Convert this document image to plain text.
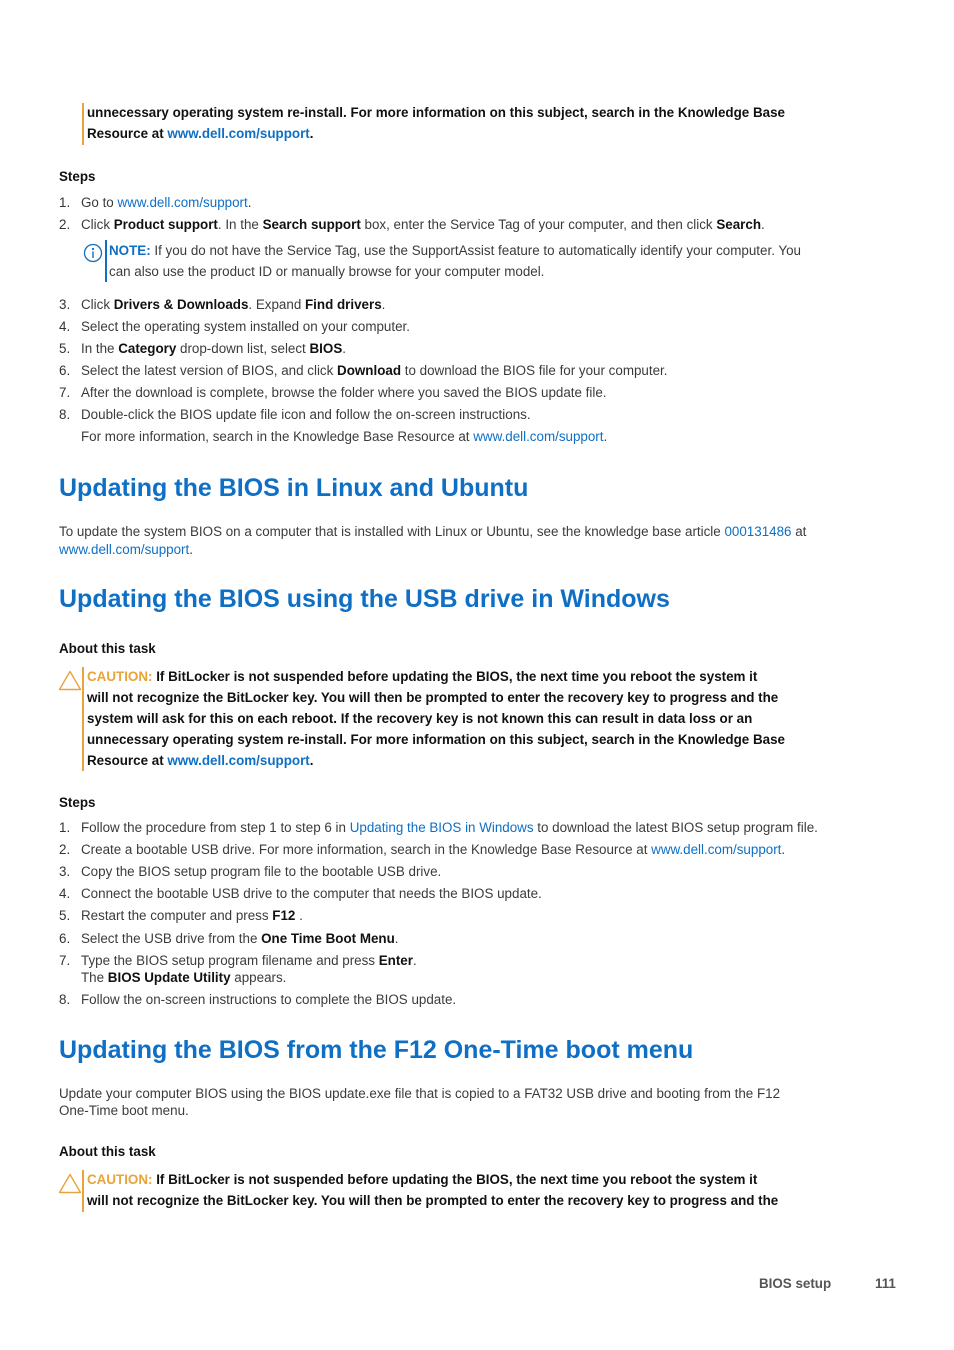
unnecessary operating system re-install. For more information on this subject, search in the Knowledge Base
Resource at www.dell.com/support.
Steps
1. Go to www.dell.com/support.
2. Click Product support. In the Search support box, enter the Service Tag of your computer, and then click Search.
NOTE: If you do not have the Service Tag, use the SupportAssist feature to automatically identify your computer. You
can also use the product ID or manually browse for your computer model.
3. Click Drivers & Downloads. Expand Find drivers.
4. Select the operating system installed on your computer.
5. In the Category drop-down list, select BIOS.
6. Select the latest version of BIOS, and click Download to download the BIOS file for your computer.
7. After the download is complete, browse the folder where you saved the BIOS update file.
8. Double-click the BIOS update file icon and follow the on-screen instructions.
For more information, search in the Knowledge Base Resource at www.dell.com/support.
Updating the BIOS in Linux and Ubuntu
To update the system BIOS on a computer that is installed with Linux or Ubuntu, see the knowledge base article 000131486 at
www.dell.com/support.
Updating the BIOS using the USB drive in Windows
About this task
CAUTION: If BitLocker is not suspended before updating the BIOS, the next time you reboot the system it
will not recognize the BitLocker key. You will then be prompted to enter the recovery key to progress and the
system will ask for this on each reboot. If the recovery key is not known this can result in data loss or an
unnecessary operating system re-install. For more information on this subject, search in the Knowledge Base
Resource at www.dell.com/support.
Steps
1. Follow the procedure from step 1 to step 6 in Updating the BIOS in Windows to download the latest BIOS setup program file.
2. Create a bootable USB drive. For more information, search in the Knowledge Base Resource at www.dell.com/support.
3. Copy the BIOS setup program file to the bootable USB drive.
4. Connect the bootable USB drive to the computer that needs the BIOS update.
5. Restart the computer and press F12 .
6. Select the USB drive from the One Time Boot Menu.
7. Type the BIOS setup program filename and press Enter.
The BIOS Update Utility appears.
8. Follow the on-screen instructions to complete the BIOS update.
Updating the BIOS from the F12 One-Time boot menu
Update your computer BIOS using the BIOS update.exe file that is copied to a FAT32 USB drive and booting from the F12
One-Time boot menu.
About this task
CAUTION: If BitLocker is not suspended before updating the BIOS, the next time you reboot the system it
will not recognize the BitLocker key. You will then be prompted to enter the recovery key to progress and the
BIOS setup	111
